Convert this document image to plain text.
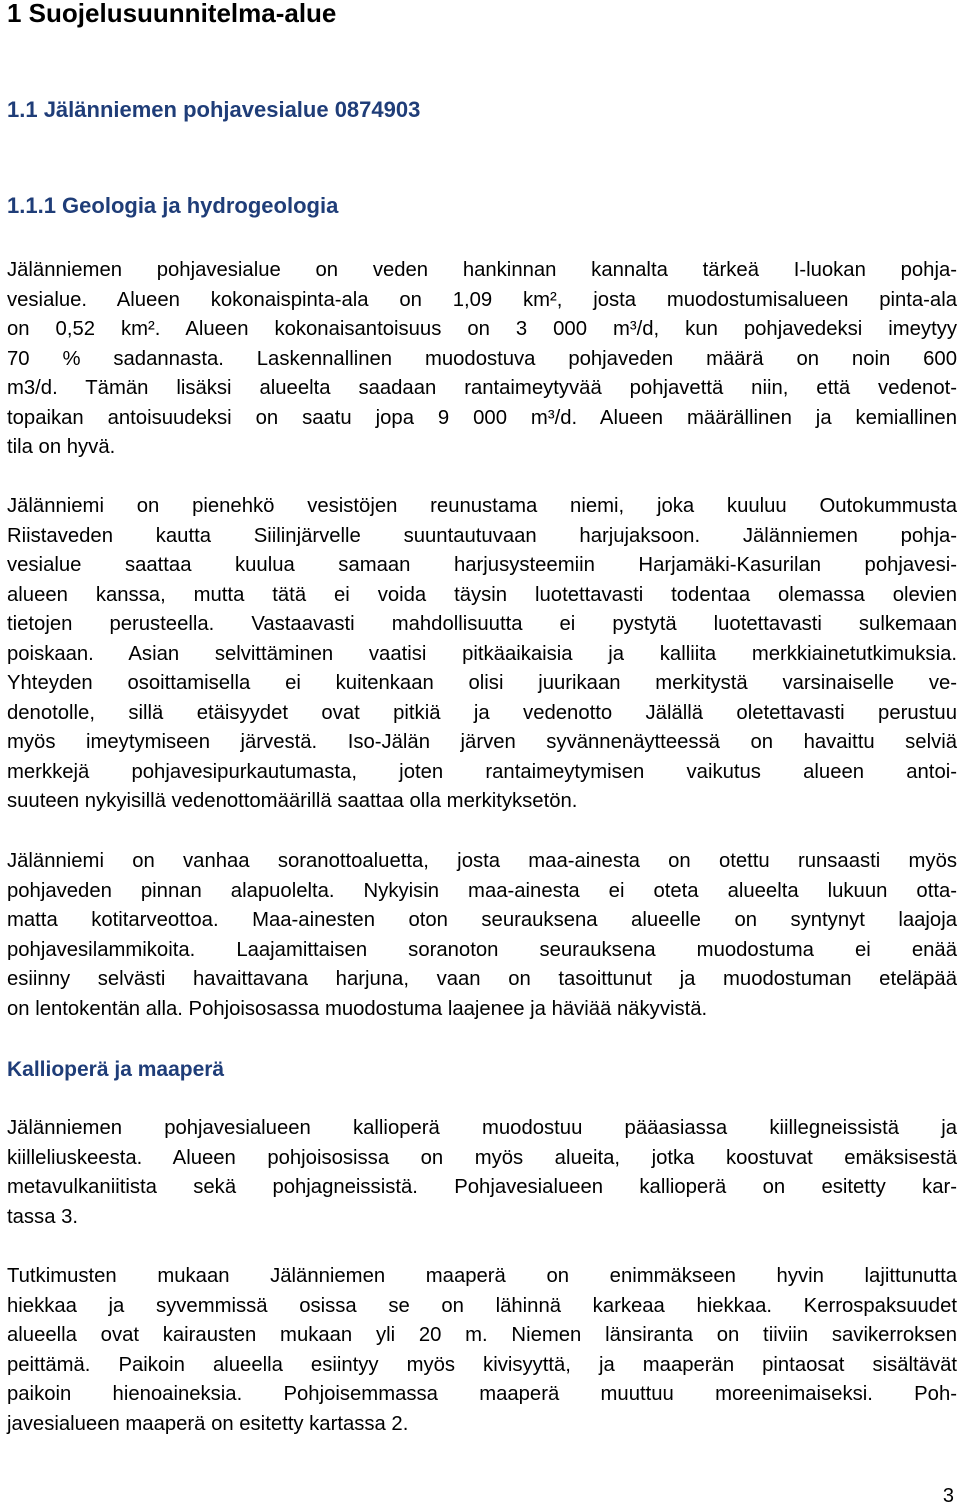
1 Suojelusuunnitelma-alue
1.1 Jälänniemen pohjavesialue 0874903
1.1.1 Geologia ja hydrogeologia
Jälänniemen pohjavesialue on veden hankinnan kannalta tärkeä I-luokan pohja-
vesialue. Alueen kokonaispinta-ala on 1,09 km², josta muodostumisalueen pinta-ala
on 0,52 km². Alueen kokonaisantoisuus on 3 000 m³/d, kun pohjavedeksi imeytyy
70 % sadannasta. Laskennallinen muodostuva pohjaveden määrä on noin 600
m3/d. Tämän lisäksi alueelta saadaan rantaimeytyvää pohjavettä niin, että vedenot-
topaikan antoisuudeksi on saatu jopa 9 000 m³/d. Alueen määrällinen ja kemiallinen
tila on hyvä.
Jälänniemi on pienehkö vesistöjen reunustama niemi, joka kuuluu Outokummusta
Riistaveden kautta Siilinjärvelle suuntautuvaan harjujaksoon. Jälänniemen pohja-
vesialue saattaa kuulua samaan harjusysteemiin Harjamäki-Kasurilan pohjavesi-
alueen kanssa, mutta tätä ei voida täysin luotettavasti todentaa olemassa olevien
tietojen perusteella. Vastaavasti mahdollisuutta ei pystytä luotettavasti sulkemaan
poiskaan. Asian selvittäminen vaatisi pitkäaikaisia ja kalliita merkkiainetutkimuksia.
Yhteyden osoittamisella ei kuitenkaan olisi juurikaan merkitystä varsinaiselle ve-
denotolle, sillä etäisyydet ovat pitkiä ja vedenotto Jälällä oletettavasti perustuu
myös imeytymiseen järvestä. Iso-Jälän järven syvännenäytteessä on havaittu selviä
merkkejä pohjavesipurkautumasta, joten rantaimeytymisen vaikutus alueen antoi-
suuteen nykyisillä vedenottomäärillä saattaa olla merkityksetön.
Jälänniemi on vanhaa soranottoaluetta, josta maa-ainesta on otettu runsaasti myös
pohjaveden pinnan alapuolelta. Nykyisin maa-ainesta ei oteta alueelta lukuun otta-
matta kotitarveottoa. Maa-ainesten oton seurauksena alueelle on syntynyt laajoja
pohjavesilammikoita. Laajamittaisen soranoton seurauksena muodostuma ei enää
esiinny selvästi havaittavana harjuna, vaan on tasoittunut ja muodostuman eteläpää
on lentokentän alla. Pohjoisosassa muodostuma laajenee ja häviää näkyvistä.
Kallioperä ja maaperä
Jälänniemen pohjavesialueen kallioperä muodostuu pääasiassa kiillegneissistä ja
kiilleliuskeesta. Alueen pohjoisosissa on myös alueita, jotka koostuvat emäksisestä
metavulkaniitista sekä pohjagneissistä. Pohjavesialueen kallioperä on esitetty kar-
tassa 3.
Tutkimusten mukaan Jälänniemen maaperä on enimmäkseen hyvin lajittunutta
hiekkaa ja syvemmissä osissa se on lähinnä karkeaa hiekkaa. Kerrospaksuudet
alueella ovat kairausten mukaan yli 20 m. Niemen länsiranta on tiiviin savikerroksen
peittämä. Paikoin alueella esiintyy myös kivisyyttä, ja maaperän pintaosat sisältävät
paikoin hienoaineksia. Pohjoisemmassa maaperä muuttuu moreenimaiseksi. Poh-
javesialueen maaperä on esitetty kartassa 2.
3
